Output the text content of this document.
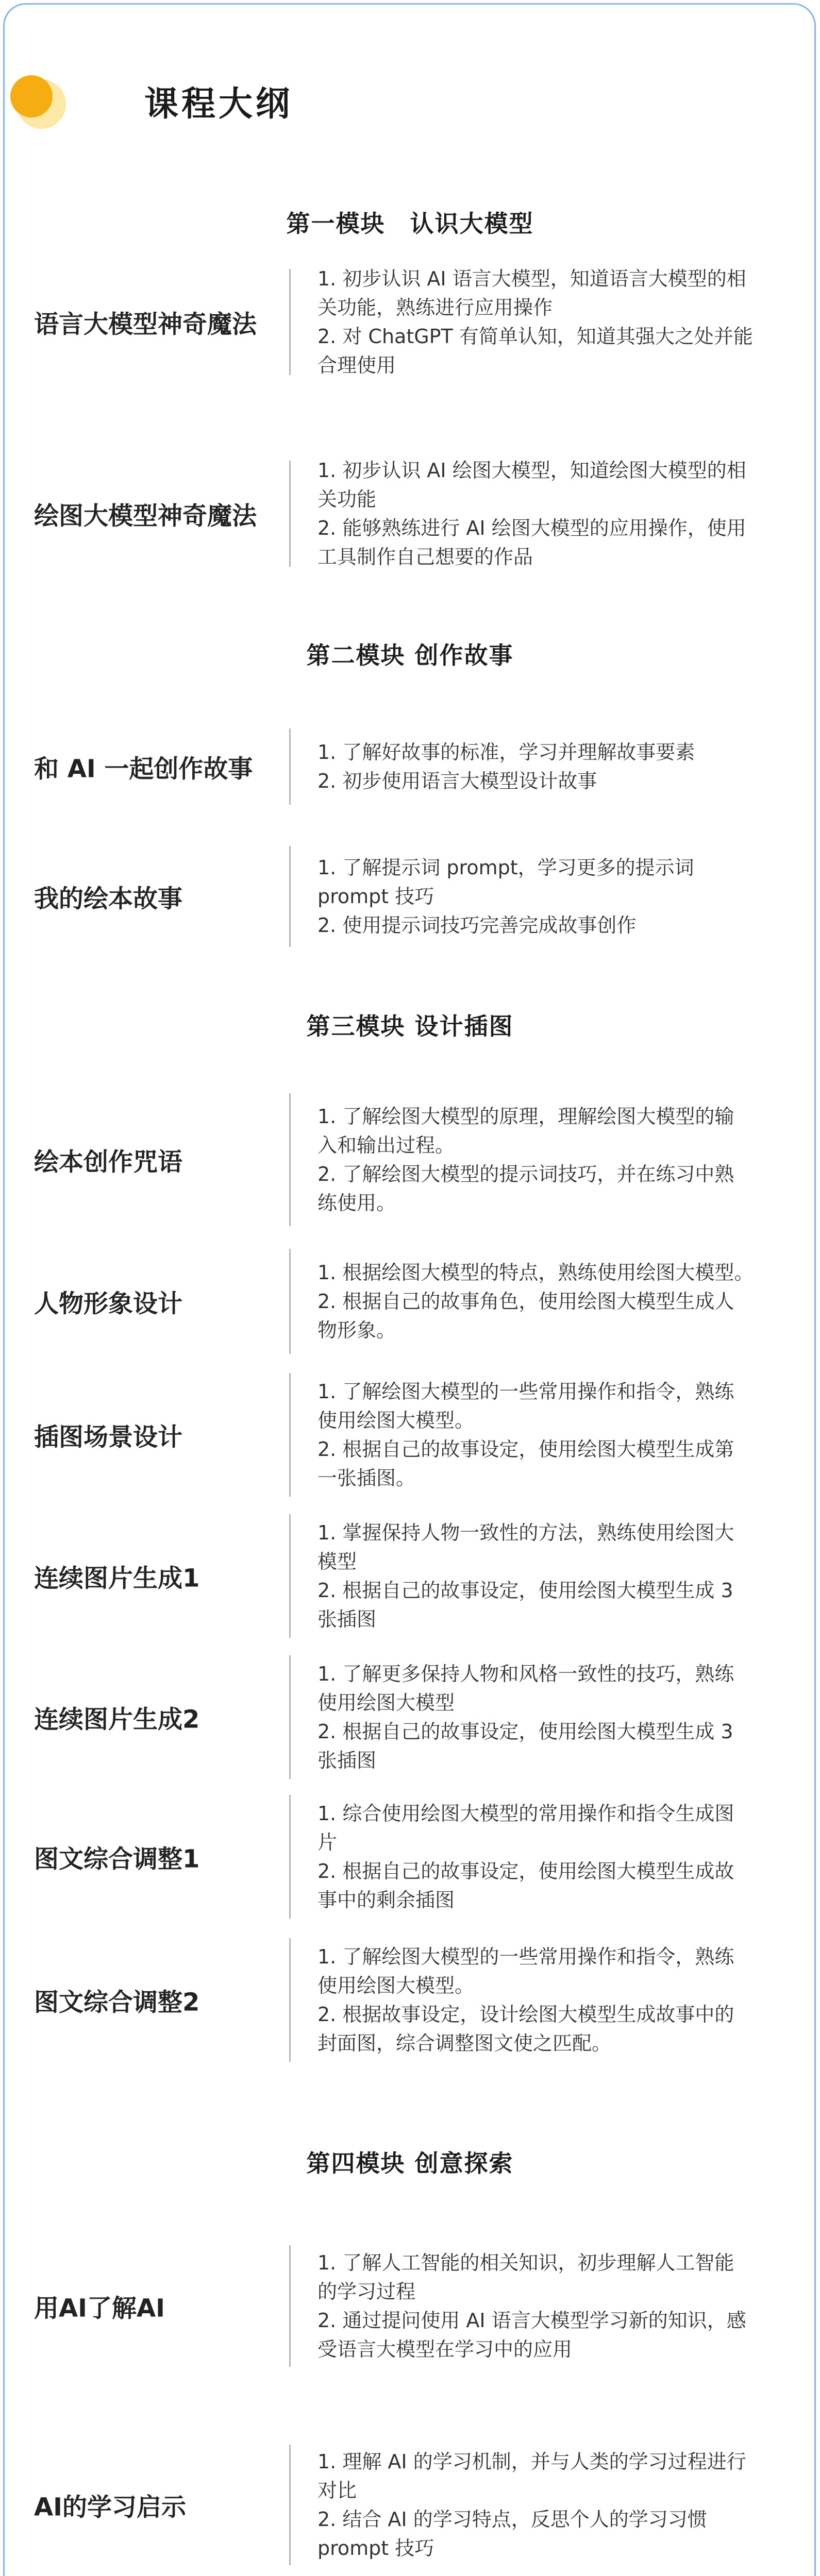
课程大纲
第一模块　认识大模型
语言大模型神奇魔法
1. 初步认识 AI 语言大模型，知道语言大模型的相
关功能，熟练进行应用操作
2. 对 ChatGPT 有简单认知，知道其强大之处并能
合理使用
绘图大模型神奇魔法
1. 初步认识 AI 绘图大模型，知道绘图大模型的相
关功能
2. 能够熟练进行 AI 绘图大模型的应用操作，使用
工具制作自己想要的作品
第二模块 创作故事
和 AI 一起创作故事
1. 了解好故事的标准，学习并理解故事要素
2. 初步使用语言大模型设计故事
我的绘本故事
1. 了解提示词 prompt，学习更多的提示词
prompt 技巧
2. 使用提示词技巧完善完成故事创作
第三模块 设计插图
绘本创作咒语
1. 了解绘图大模型的原理，理解绘图大模型的输
入和输出过程。
2. 了解绘图大模型的提示词技巧，并在练习中熟
练使用。
人物形象设计
1. 根据绘图大模型的特点，熟练使用绘图大模型。
2. 根据自己的故事角色，使用绘图大模型生成人
物形象。
插图场景设计
1. 了解绘图大模型的一些常用操作和指令，熟练
使用绘图大模型。
2. 根据自己的故事设定，使用绘图大模型生成第
一张插图。
连续图片生成1
1. 掌握保持人物一致性的方法，熟练使用绘图大
模型
2. 根据自己的故事设定，使用绘图大模型生成 3
张插图
连续图片生成2
1. 了解更多保持人物和风格一致性的技巧，熟练
使用绘图大模型
2. 根据自己的故事设定，使用绘图大模型生成 3
张插图
图文综合调整1
1. 综合使用绘图大模型的常用操作和指令生成图
片
2. 根据自己的故事设定，使用绘图大模型生成故
事中的剩余插图
图文综合调整2
1. 了解绘图大模型的一些常用操作和指令，熟练
使用绘图大模型。
2. 根据故事设定，设计绘图大模型生成故事中的
封面图，综合调整图文使之匹配。
第四模块 创意探索
用AI了解AI
1. 了解人工智能的相关知识，初步理解人工智能
的学习过程
2. 通过提问使用 AI 语言大模型学习新的知识，感
受语言大模型在学习中的应用
AI的学习启示
1. 理解 AI 的学习机制，并与人类的学习过程进行
对比
2. 结合 AI 的学习特点，反思个人的学习习惯
prompt 技巧
